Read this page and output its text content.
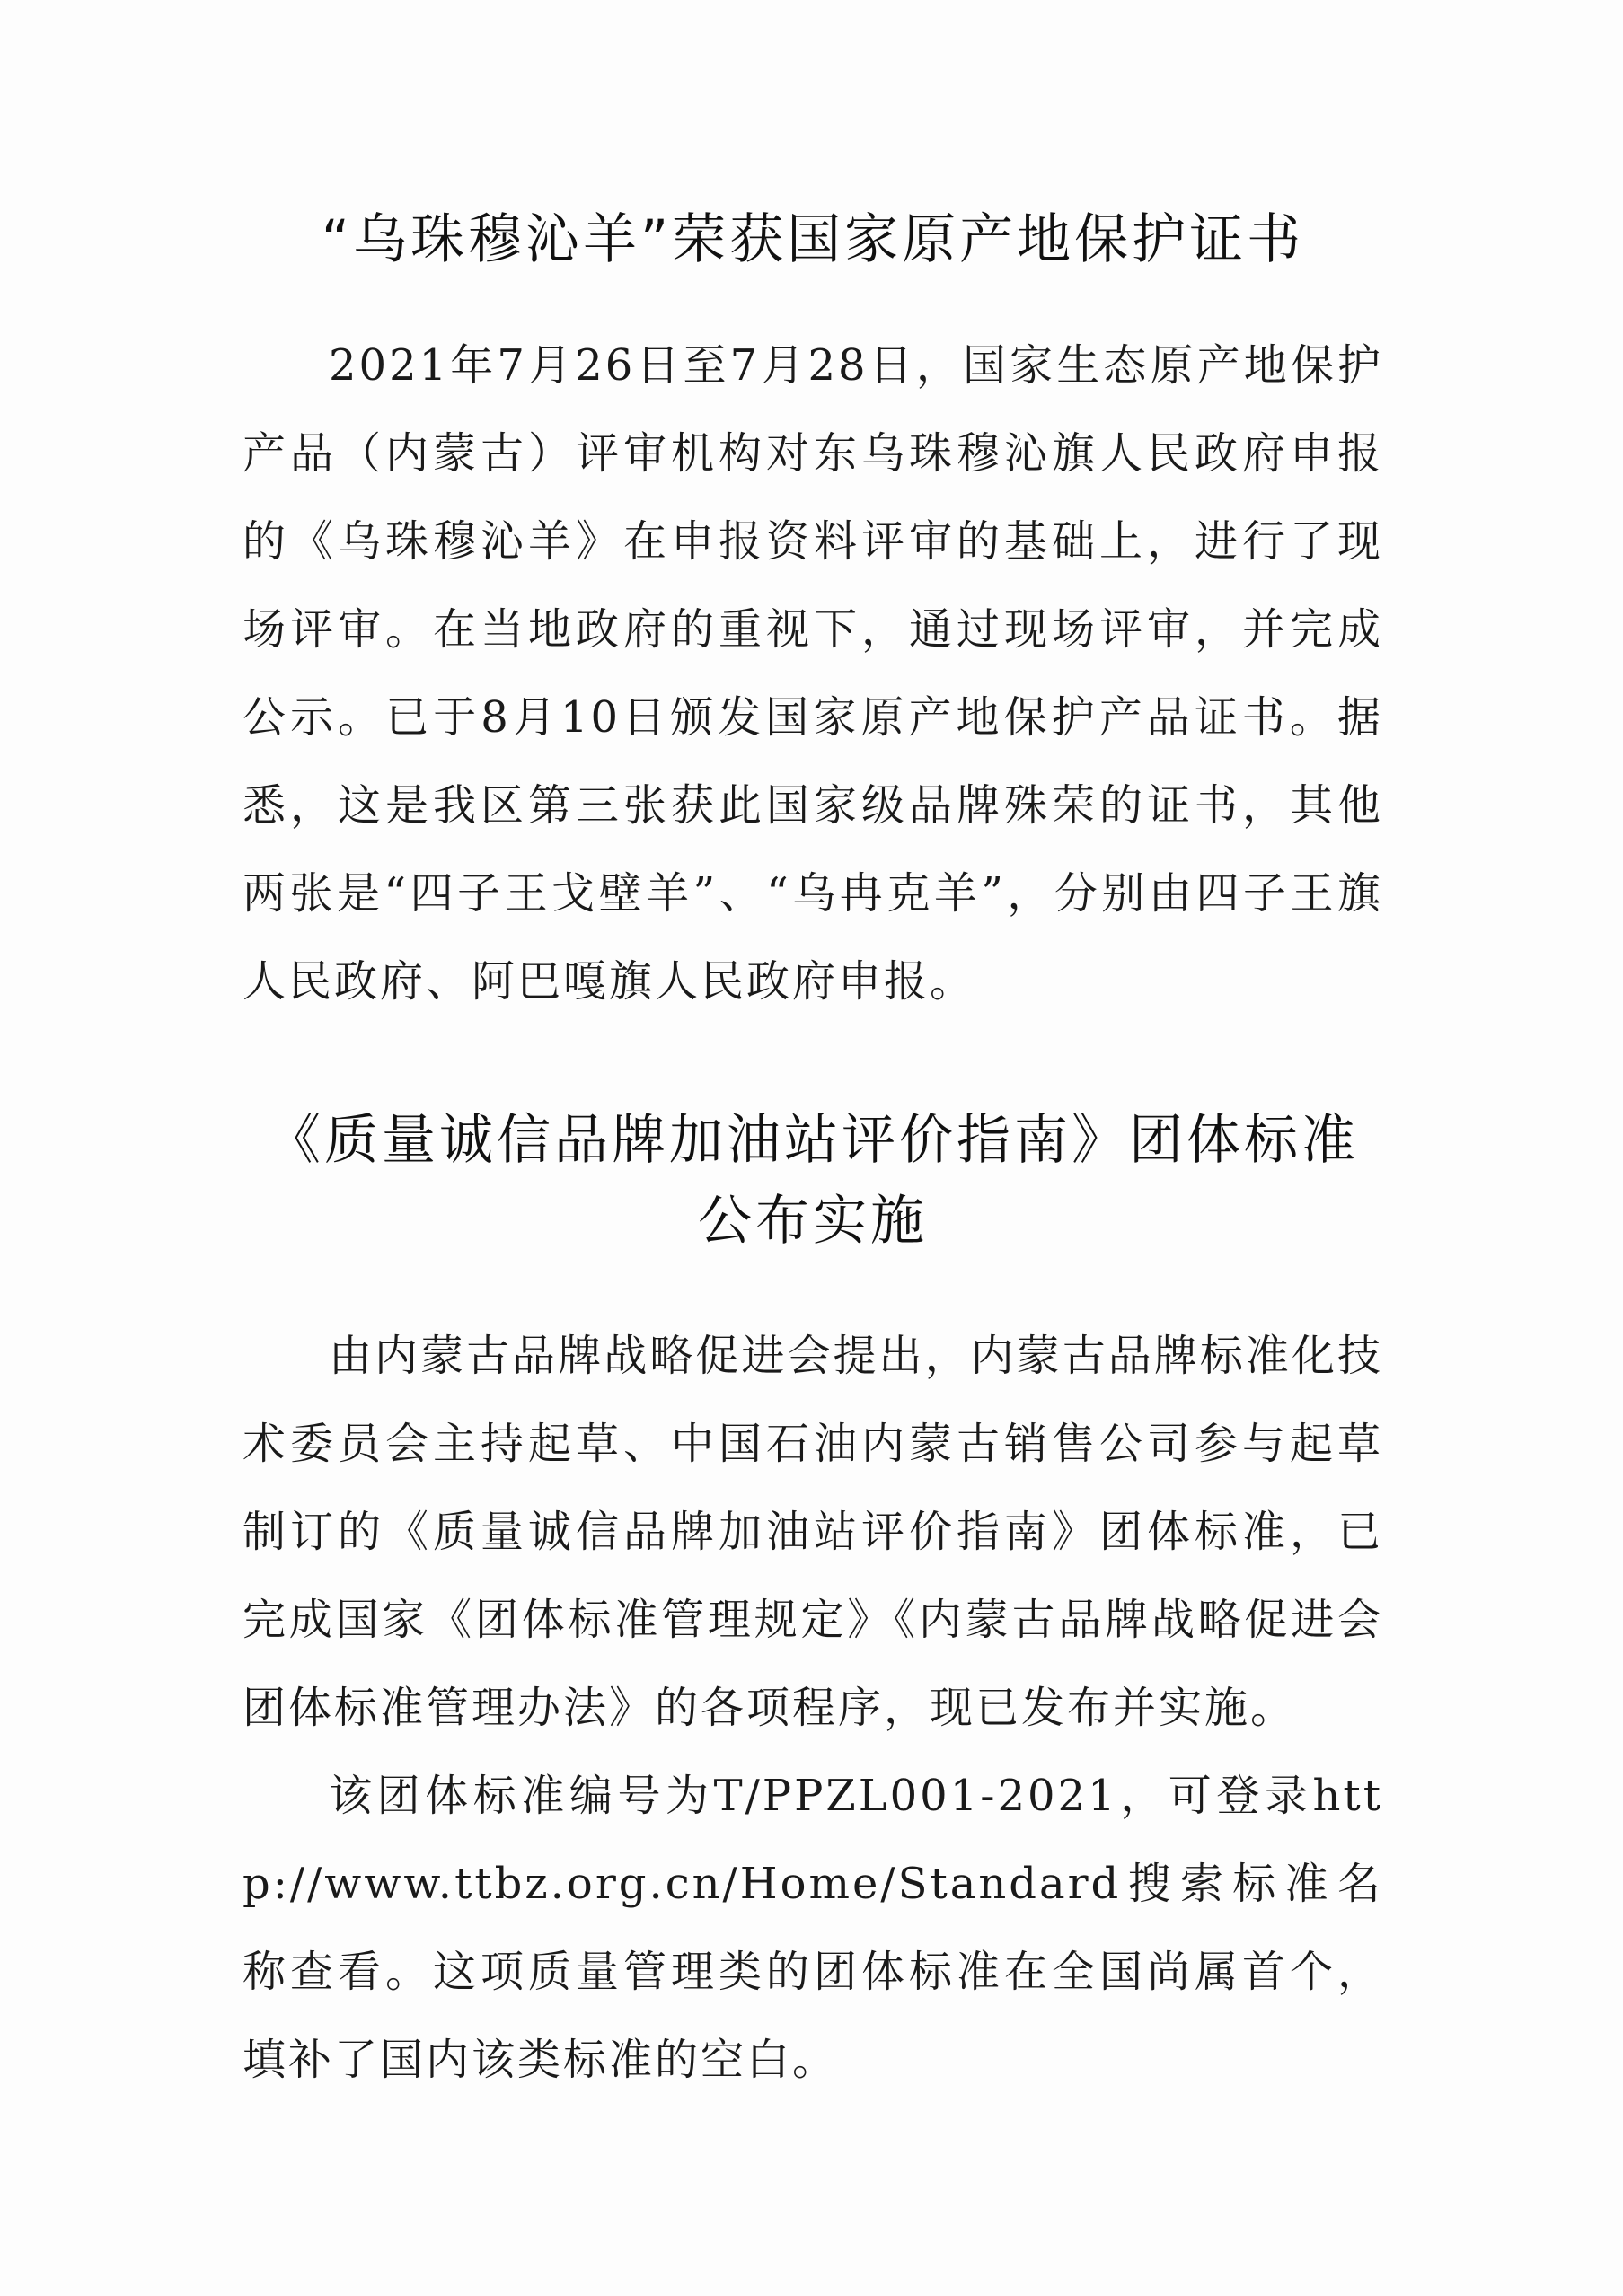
“乌珠穆沁羊”荣获国家原产地保护证书

2021年7月26日至7月28日，国家生态原产地保护产品（内蒙古）评审机构对东乌珠穆沁旗人民政府申报的《乌珠穆沁羊》在申报资料评审的基础上，进行了现场评审。在当地政府的重视下，通过现场评审，并完成公示。已于8月10日颁发国家原产地保护产品证书。据悉，这是我区第三张获此国家级品牌殊荣的证书，其他两张是“四子王戈壁羊”、“乌冉克羊”，分别由四子王旗人民政府、阿巴嘎旗人民政府申报。

《质量诚信品牌加油站评价指南》团体标准
公布实施

由内蒙古品牌战略促进会提出，内蒙古品牌标准化技术委员会主持起草、中国石油内蒙古销售公司参与起草制订的《质量诚信品牌加油站评价指南》团体标准，已完成国家《团体标准管理规定》《内蒙古品牌战略促进会团体标准管理办法》的各项程序，现已发布并实施。

该团体标准编号为T/PPZL001-2021，可登录http://www.ttbz.org.cn/Home/Standard搜索标准名称查看。这项质量管理类的团体标准在全国尚属首个，填补了国内该类标准的空白。
